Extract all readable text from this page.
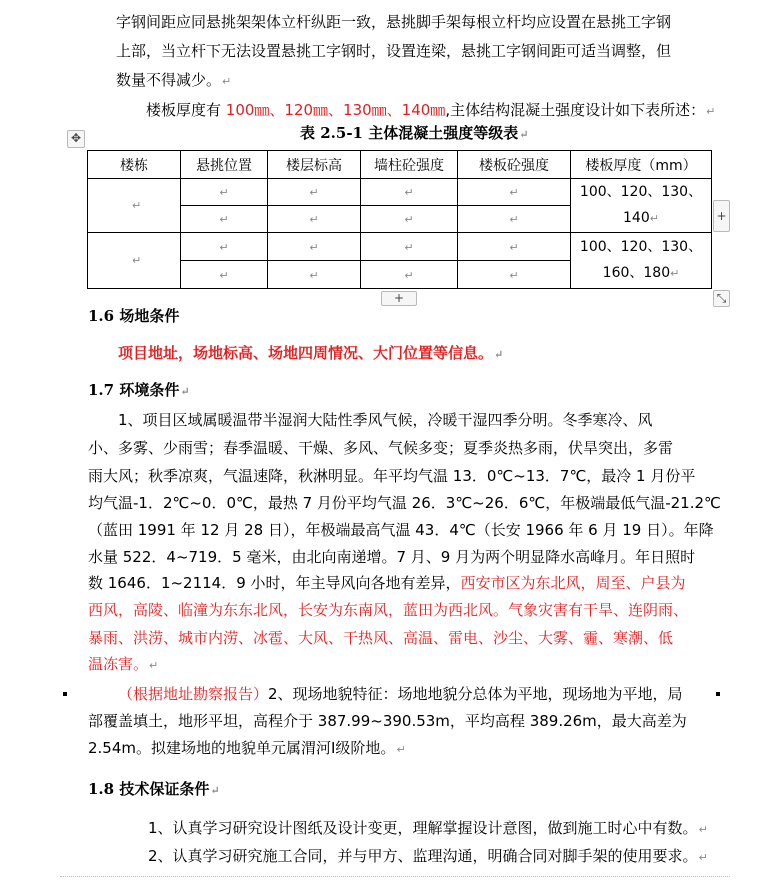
字钢间距应同悬挑架架体立杆纵距一致，悬挑脚手架每根立杆均应设置在悬挑工字钢
上部，当立杆下无法设置悬挑工字钢时，设置连梁，悬挑工字钢间距可适当调整，但
数量不得减少。↵
楼板厚度有 100㎜、120㎜、130㎜、140㎜,主体结构混凝土强度设计如下表所述：↵
表 2.5-1 主体混凝土强度等级表↵
✥
楼栋	悬挑位置	楼层标高	墙柱砼强度	楼板砼强度	楼板厚度（mm）

↵	↵	↵	↵	↵	100、120、130、
140↵

	↵	↵	↵	↵	

↵	↵	↵	↵	↵	100、120、130、
160、180↵

	↵	↵	↵	↵	
+
+	⤡
1.6 场地条件
项目地址，场地标高、场地四周情况、大门位置等信息。↵
1.7 环境条件↵
1、项目区域属暖温带半湿润大陆性季风气候，冷暖干湿四季分明。冬季寒冷、风
小、多雾、少雨雪；春季温暖、干燥、多风、气候多变；夏季炎热多雨，伏旱突出，多雷
雨大风；秋季凉爽，气温速降，秋淋明显。年平均气温 13．0℃~13．7℃，最冷 1 月份平
均气温-1．2℃~0．0℃，最热 7 月份平均气温 26．3℃~26．6℃，年极端最低气温-21.2℃
（蓝田 1991 年 12 月 28 日），年极端最高气温 43．4℃（长安 1966 年 6 月 19 日）。年降
水量 522．4~719．5 毫米，由北向南递增。7 月、9 月为两个明显降水高峰月。年日照时
数 1646．1~2114．9 小时，年主导风向各地有差异，西安市区为东北风，周至、户县为
西风，高陵、临潼为东东北风，长安为东南风，蓝田为西北风。气象灾害有干旱、连阴雨、
暴雨、洪涝、城市内涝、冰雹、大风、干热风、高温、雷电、沙尘、大雾、霾、寒潮、低
温冻害。↵
（根据地址勘察报告）2、现场地貌特征：场地地貌分总体为平地，现场地为平地，局
部覆盖填土，地形平坦，高程介于 387.99~390.53m，平均高程 389.26m，最大高差为
2.54m。拟建场地的地貌单元属渭河Ⅰ级阶地。↵
1.8 技术保证条件↵
1、认真学习研究设计图纸及设计变更，理解掌握设计意图，做到施工时心中有数。↵
2、认真学习研究施工合同，并与甲方、监理沟通，明确合同对脚手架的使用要求。↵
